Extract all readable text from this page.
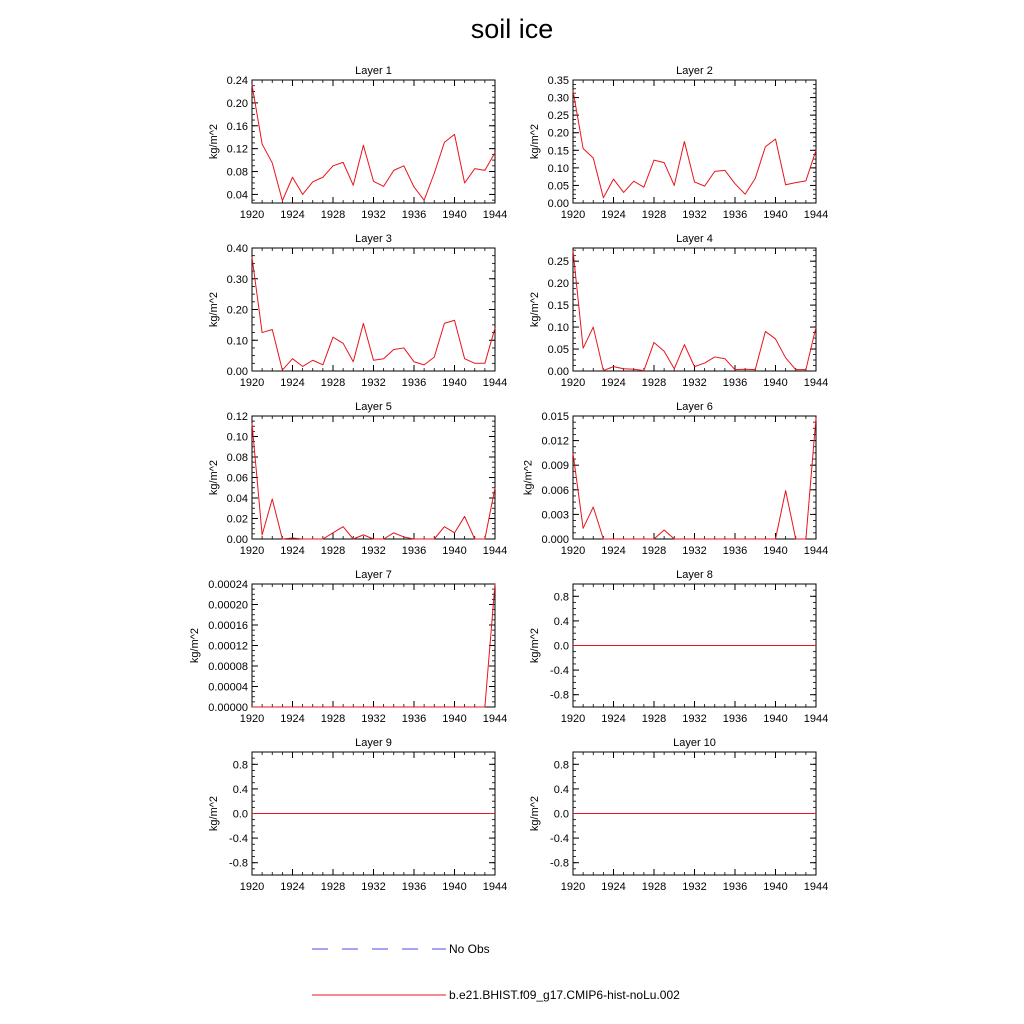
soil ice
Layer 1
1920 1924 1928 1932 1936 1940 1944
0.04
0.08
0.12
0.16
0.20
0.24
kg/m^2
Layer 2
1920 1924 1928 1932 1936 1940 1944
0.00
0.05
0.10
0.15
0.20
0.25
0.30
0.35
kg/m^2
Layer 3
1920 1924 1928 1932 1936 1940 1944
0.00
0.10
0.20
0.30
0.40
kg/m^2
Layer 4
1920 1924 1928 1932 1936 1940 1944
0.00
0.05
0.10
0.15
0.20
0.25
kg/m^2
Layer 5
1920 1924 1928 1932 1936 1940 1944
0.00
0.02
0.04
0.06
0.08
0.10
0.12
kg/m^2
Layer 6
1920 1924 1928 1932 1936 1940 1944
0.000
0.003
0.006
0.009
0.012
0.015
kg/m^2
Layer 7
1920 1924 1928 1932 1936 1940 1944
0.00000
0.00004
0.00008
0.00012
0.00016
0.00020
0.00024
kg/m^2
Layer 8
1920 1924 1928 1932 1936 1940 1944
-0.8
-0.4
0.0
0.4
0.8
kg/m^2
Layer 9
1920 1924 1928 1932 1936 1940 1944
-0.8
-0.4
0.0
0.4
0.8
kg/m^2
Layer 10
1920 1924 1928 1932 1936 1940 1944
-0.8
-0.4
0.0
0.4
0.8
kg/m^2
No Obs
b.e21.BHIST.f09_g17.CMIP6-hist-noLu.002
